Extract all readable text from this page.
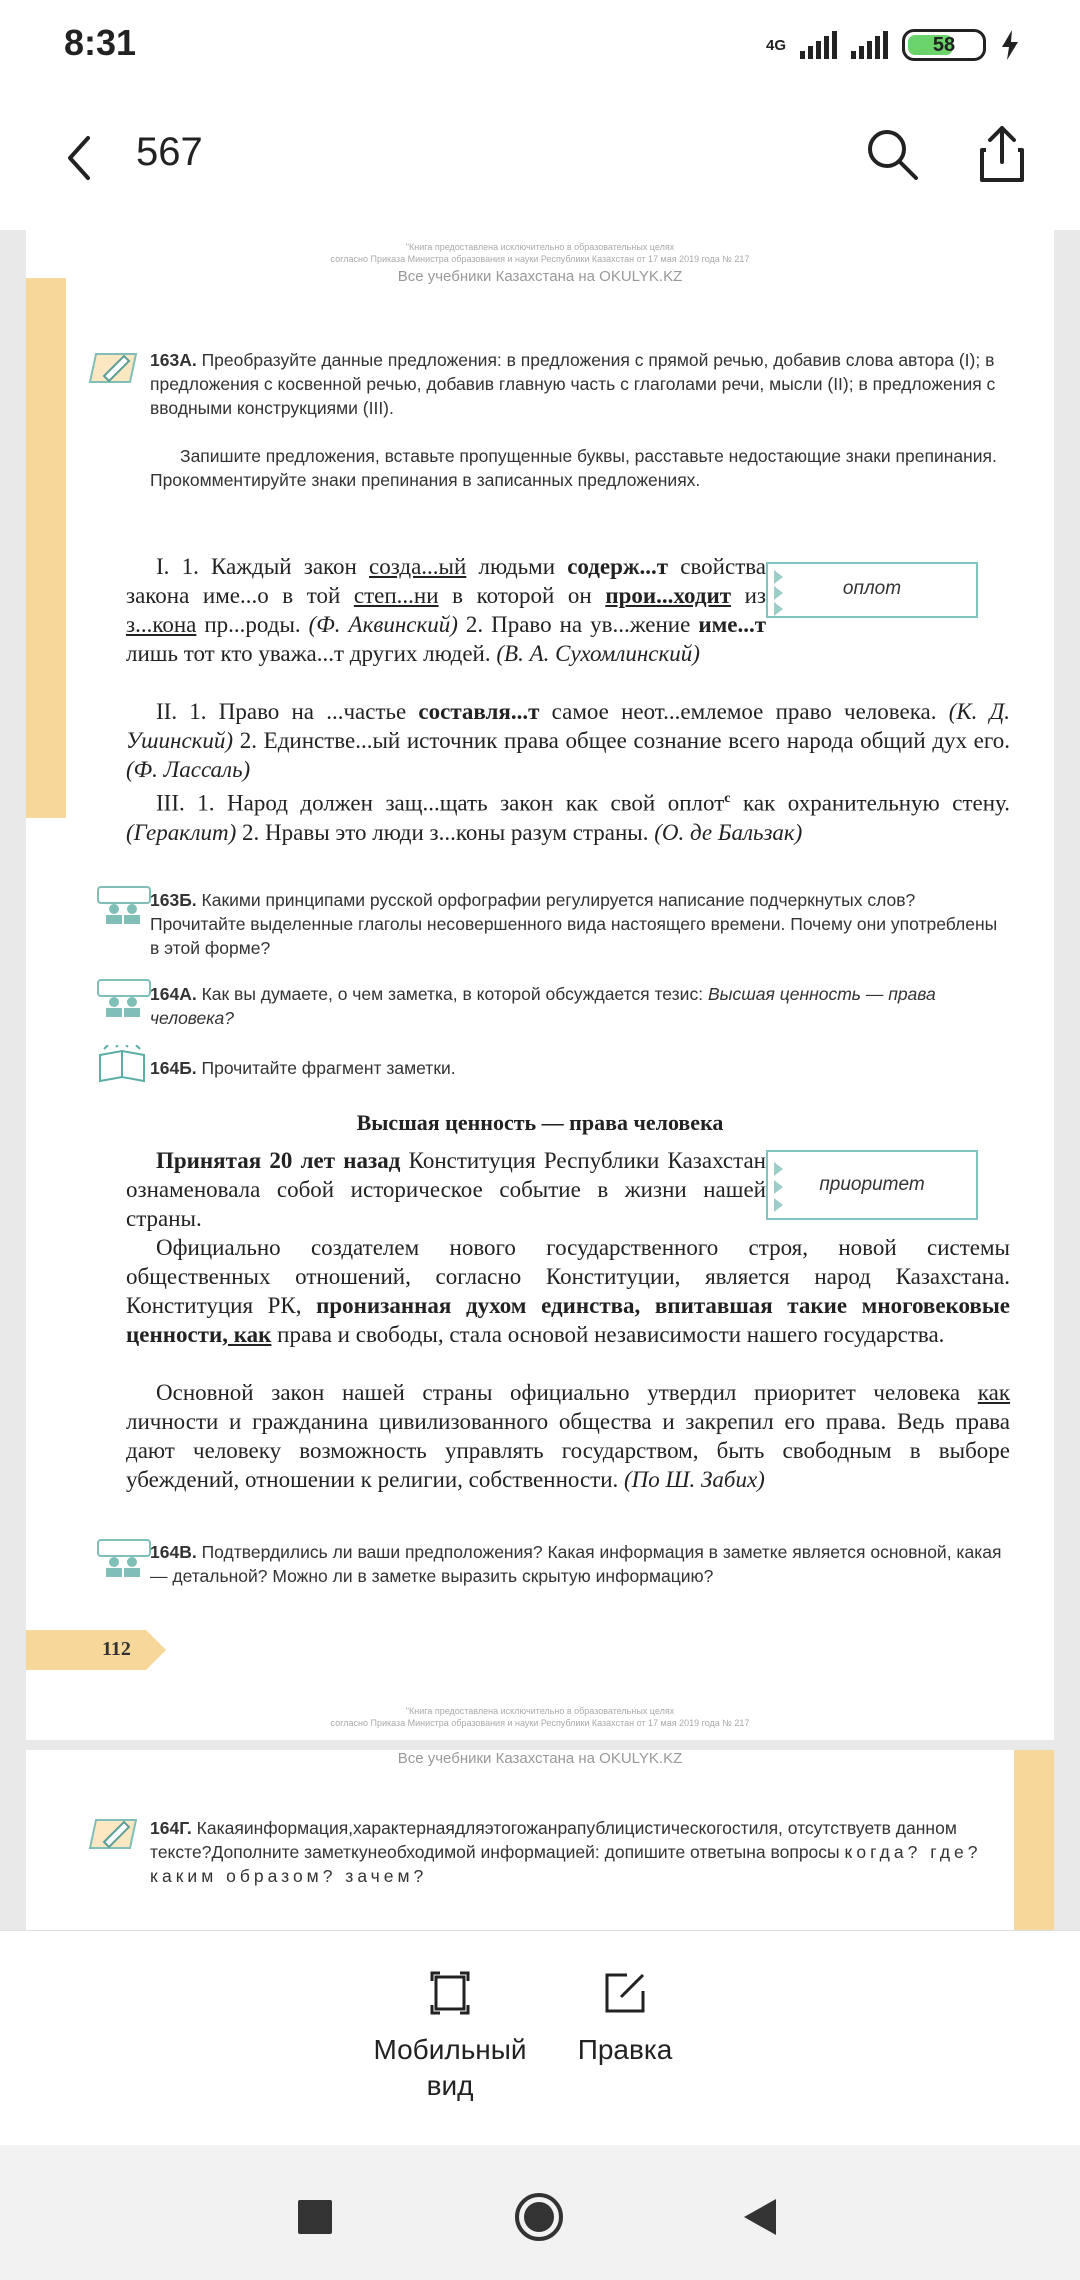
8:31	4G	58
567
"Книга предоставлена исключительно в образовательных целях
согласно Приказа Министра образования и науки Республики Казахстан от 17 мая 2019 года № 217
Все учебники Казахстана на OKULYK.KZ
163А. Преобразуйте данные предложения: в предложения с прямой речью, добавив слова автора (I); в предложения с косвенной речью, добавив главную часть с глаголами речи, мысли (II); в предложения с вводными конструкциями (III).
Запишите предложения, вставьте пропущенные буквы, расставьте недостающие знаки препинания. Прокомментируйте знаки препинания в записанных предложениях.
I. 1. Каждый закон созда...ый людьми содерж...т свойства закона име...о в той степ...ни в которой он прои...ходит из з...кона пр...роды. (Ф. Аквинский) 2. Право на ув...жение име...т лишь тот кто уважа...т других людей. (В. А. Сухомлинский)
оплот
II. 1. Право на ...частье составля...т самое неот...емлемое право человека. (К. Д. Ушинский) 2. Единстве...ый источник права общее сознание всего народа общий дух его. (Ф. Лассаль)
III. 1. Народ должен защ...щать закон как свой оплот$^с$ как охранительную стену. (Гераклит) 2. Нравы это люди з...коны разум страны. (О. де Бальзак)
163Б. Какими принципами русской орфографии регулируется написание подчеркнутых слов? Прочитайте выделенные глаголы несовершенного вида настоящего времени. Почему они употреблены в этой форме?
164А. Как вы думаете, о чем заметка, в которой обсуждается тезис: Высшая ценность — права человека?
164Б. Прочитайте фрагмент заметки.
Высшая ценность — права человека
Принятая 20 лет назад Конституция Республики Казахстан ознаменовала собой историческое событие в жизни нашей страны.
приоритет
Официально создателем нового государственного строя, новой системы общественных отношений, согласно Конституции, является народ Казахстана. Конституция РК, пронизанная духом единства, впитавшая такие многовековые ценности, как права и свободы, стала основой независимости нашего государства.
Основной закон нашей страны официально утвердил приоритет человека как личности и гражданина цивилизованного общества и закрепил его права. Ведь права дают человеку возможность управлять государством, быть свободным в выборе убеждений, отношении к религии, собственности. (По Ш. Забих)
164В. Подтвердились ли ваши предположения? Какая информация в заметке является основной, какая — детальной? Можно ли в заметке выразить скрытую информацию?
112
"Книга предоставлена исключительно в образовательных целях
согласно Приказа Министра образования и науки Республики Казахстан от 17 мая 2019 года № 217
Все учебники Казахстана на OKULYK.KZ
164Г. Какаяинформация,характернаядляэтогожанрапублицистическогостиля, отсутствуетв данном тексте?Дополните заметкунеобходимой информацией: допишите ответына вопросы когда? где? каким образом? зачем?
Мобильный вид
Правка
